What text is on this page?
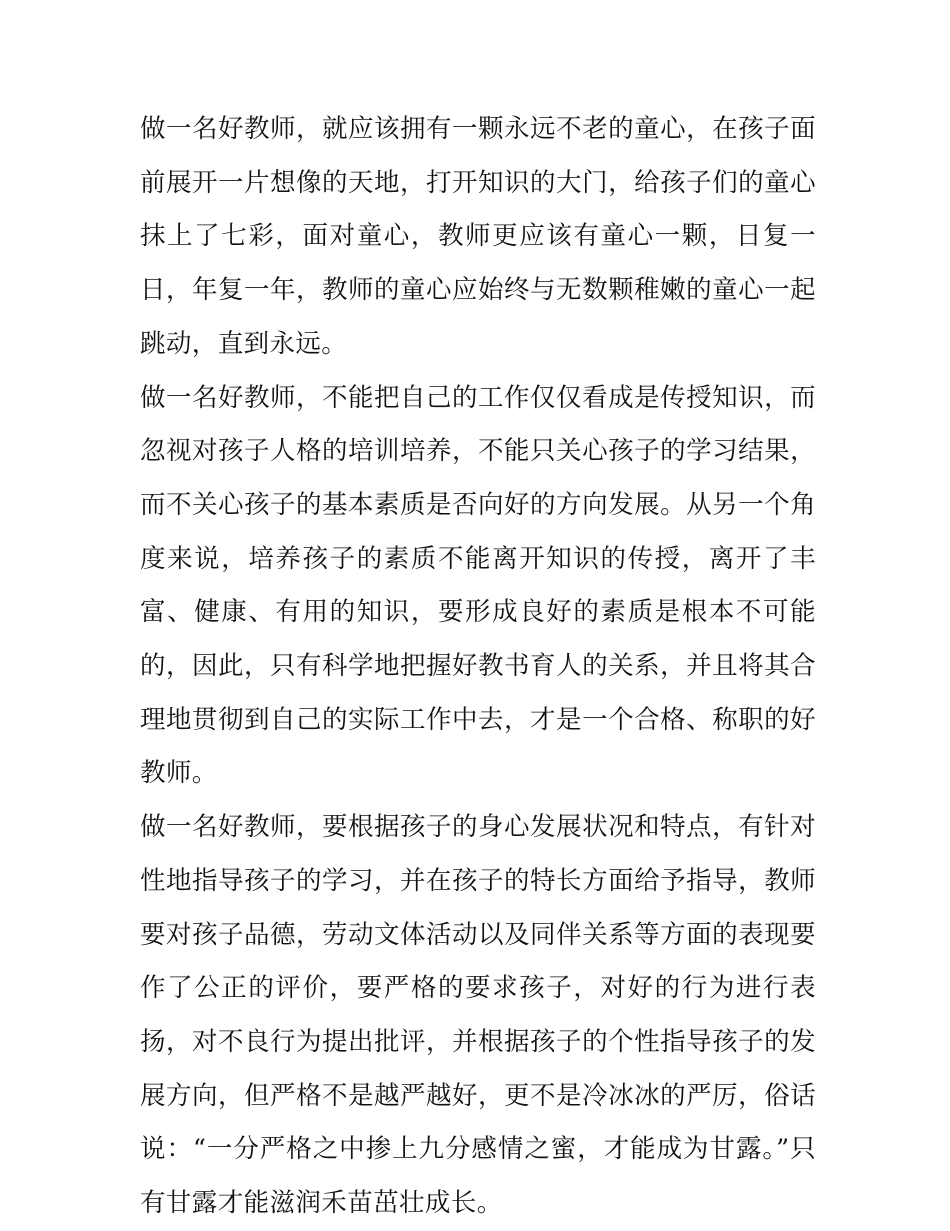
做一名好教师，就应该拥有一颗永远不老的童心，在孩子面前展开一片想像的天地，打开知识的大门，给孩子们的童心抹上了七彩，面对童心，教师更应该有童心一颗，日复一日，年复一年，教师的童心应始终与无数颗稚嫩的童心一起跳动，直到永远。

做一名好教师，不能把自己的工作仅仅看成是传授知识，而忽视对孩子人格的培训培养，不能只关心孩子的学习结果，而不关心孩子的基本素质是否向好的方向发展。从另一个角度来说，培养孩子的素质不能离开知识的传授，离开了丰富、健康、有用的知识，要形成良好的素质是根本不可能的，因此，只有科学地把握好教书育人的关系，并且将其合理地贯彻到自己的实际工作中去，才是一个合格、称职的好教师。

做一名好教师，要根据孩子的身心发展状况和特点，有针对性地指导孩子的学习，并在孩子的特长方面给予指导，教师要对孩子品德，劳动文体活动以及同伴关系等方面的表现要作了公正的评价，要严格的要求孩子，对好的行为进行表扬，对不良行为提出批评，并根据孩子的个性指导孩子的发展方向，但严格不是越严越好，更不是冷冰冰的严厉，俗话说：“一分严格之中掺上九分感情之蜜，才能成为甘露。”只有甘露才能滋润禾苗茁壮成长。
